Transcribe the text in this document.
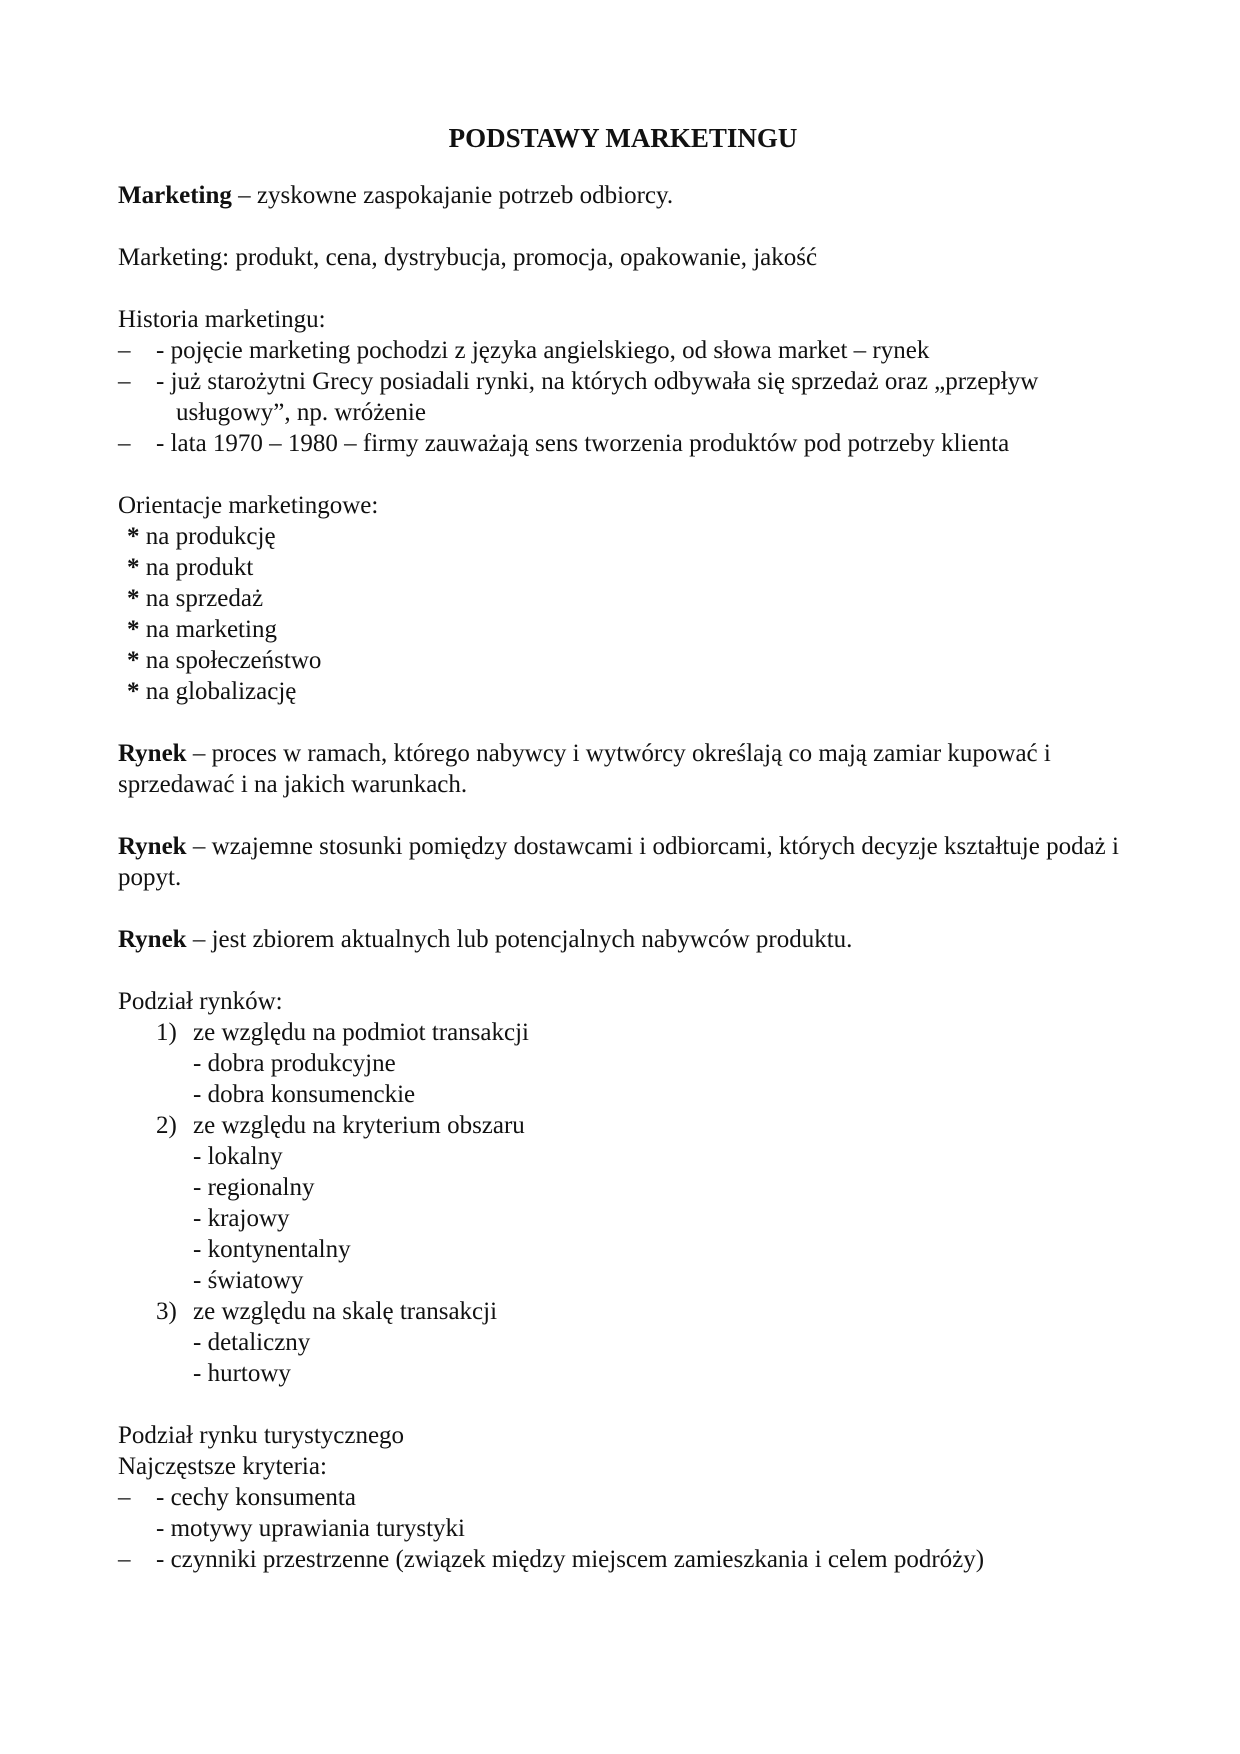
PODSTAWY MARKETINGU

Marketing – zyskowne zaspokajanie potrzeb odbiorcy.

Marketing: produkt, cena, dystrybucja, promocja, opakowanie, jakość

Historia marketingu:

– - pojęcie marketing pochodzi z języka angielskiego, od słowa market – rynek
– - już starożytni Grecy posiadali rynki, na których odbywała się sprzedaż oraz „przepływ usługowy”, np. wróżenie
– - lata 1970 – 1980 – firmy zauważają sens tworzenia produktów pod potrzeby klienta

Orientacje marketingowe:

* na produkcję
* na produkt
* na sprzedaż
* na marketing
* na społeczeństwo
* na globalizację

Rynek – proces w ramach, którego nabywcy i wytwórcy określają co mają zamiar kupować i sprzedawać i na jakich warunkach.

Rynek – wzajemne stosunki pomiędzy dostawcami i odbiorcami, których decyzje kształtuje podaż i popyt.

Rynek – jest zbiorem aktualnych lub potencjalnych nabywców produktu.

Podział rynków:

1) ze względu na podmiot transakcji
- dobra produkcyjne
- dobra konsumenckie
2) ze względu na kryterium obszaru
- lokalny
- regionalny
- krajowy
- kontynentalny
- światowy
3) ze względu na skalę transakcji
- detaliczny
- hurtowy

Podział rynku turystycznego

Najczęstsze kryteria:

– - cechy konsumenta
- motywy uprawiania turystyki
– - czynniki przestrzenne (związek między miejscem zamieszkania i celem podróży)
